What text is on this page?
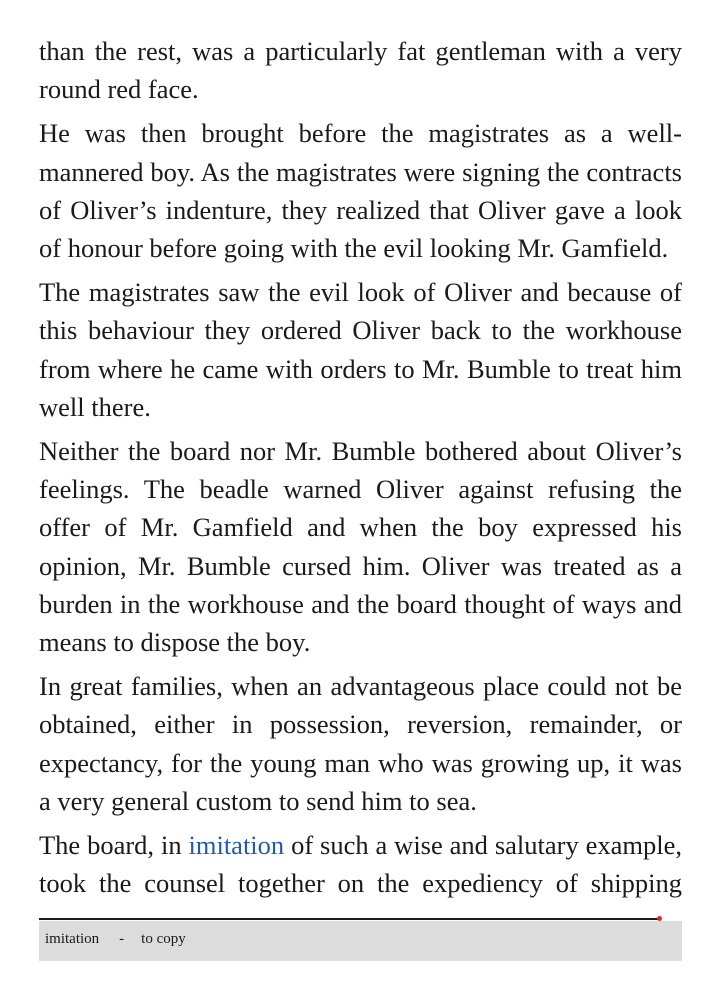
than the rest, was a particularly fat gentleman with a very round red face.

He was then brought before the magistrates as a well-mannered boy. As the magistrates were signing the contracts of Oliver’s indenture, they realized that Oliver gave a look of honour before going with the evil looking Mr. Gamfield.

The magistrates saw the evil look of Oliver and because of this behaviour they ordered Oliver back to the workhouse from where he came with orders to Mr. Bumble to treat him well there.

Neither the board nor Mr. Bumble bothered about Oliver’s feelings. The beadle warned Oliver against refusing the offer of Mr. Gamfield and when the boy expressed his opinion, Mr. Bumble cursed him. Oliver was treated as a burden in the workhouse and the board thought of ways and means to dispose the boy.

In great families, when an advantageous place could not be obtained, either in possession, reversion, remainder, or expectancy, for the young man who was growing up, it was a very general custom to send him to sea.

The board, in imitation of such a wise and salutary example, took the counsel together on the expediency of shipping

imitation - to copy
